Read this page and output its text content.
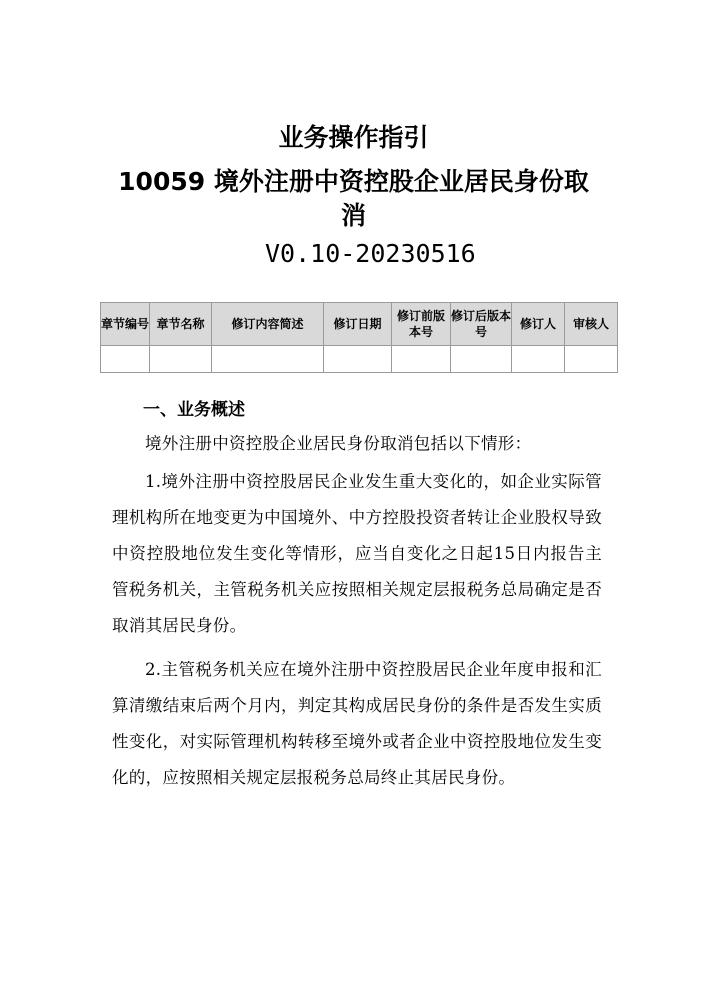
业务操作指引
10059 境外注册中资控股企业居民身份取
消
V0.10-20230516
章节编号	章节名称	修订内容简述	修订日期	修订前版本号	修订后版本号	修订人	审核人

一、业务概述
境外注册中资控股企业居民身份取消包括以下情形：
1.境外注册中资控股居民企业发生重大变化的，如企业实际管理机构所在地变更为中国境外、中方控股投资者转让企业股权导致中资控股地位发生变化等情形，应当自变化之日起15日内报告主管税务机关，主管税务机关应按照相关规定层报税务总局确定是否取消其居民身份。
2.主管税务机关应在境外注册中资控股居民企业年度申报和汇算清缴结束后两个月内，判定其构成居民身份的条件是否发生实质性变化，对实际管理机构转移至境外或者企业中资控股地位发生变化的，应按照相关规定层报税务总局终止其居民身份。
